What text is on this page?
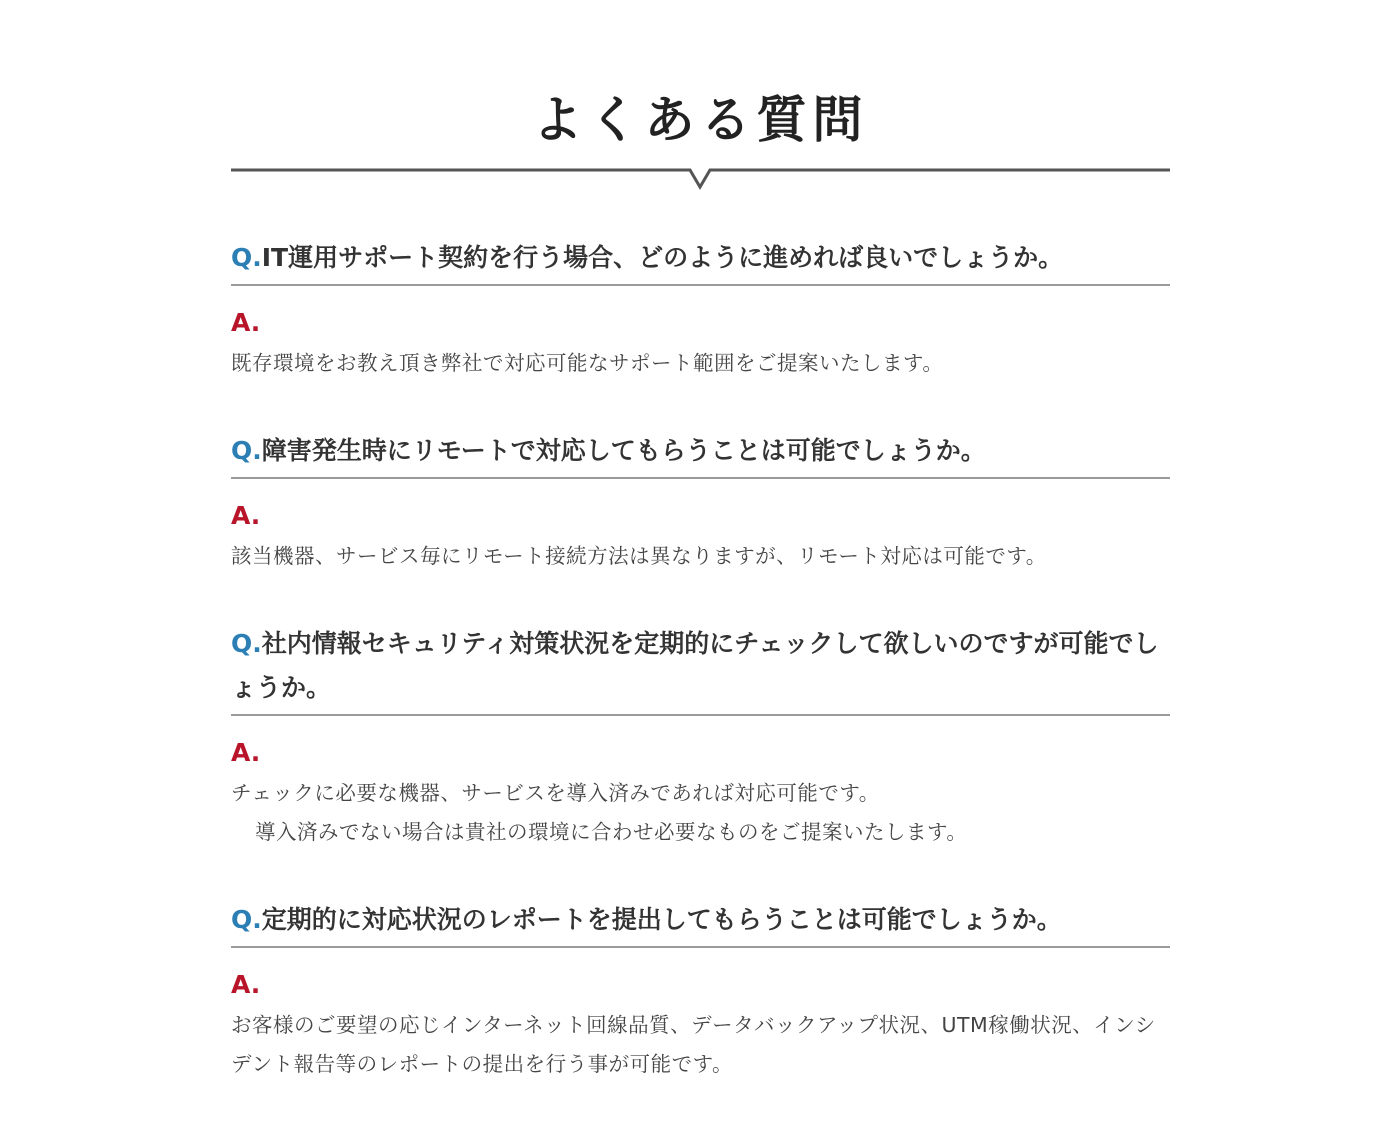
よくある質問

Q.IT運用サポート契約を行う場合、どのように進めれば良いでしょうか。

A.

既存環境をお教え頂き弊社で対応可能なサポート範囲をご提案いたします。

Q.障害発生時にリモートで対応してもらうことは可能でしょうか。

A.

該当機器、サービス毎にリモート接続方法は異なりますが、リモート対応は可能です。

Q.社内情報セキュリティ対策状況を定期的にチェックして欲しいのですが可能でしょうか。

A.

チェックに必要な機器、サービスを導入済みであれば対応可能です。
導入済みでない場合は貴社の環境に合わせ必要なものをご提案いたします。

Q.定期的に対応状況のレポートを提出してもらうことは可能でしょうか。

A.

お客様のご要望の応じインターネット回線品質、データバックアップ状況、UTM稼働状況、インシデント報告等のレポートの提出を行う事が可能です。
